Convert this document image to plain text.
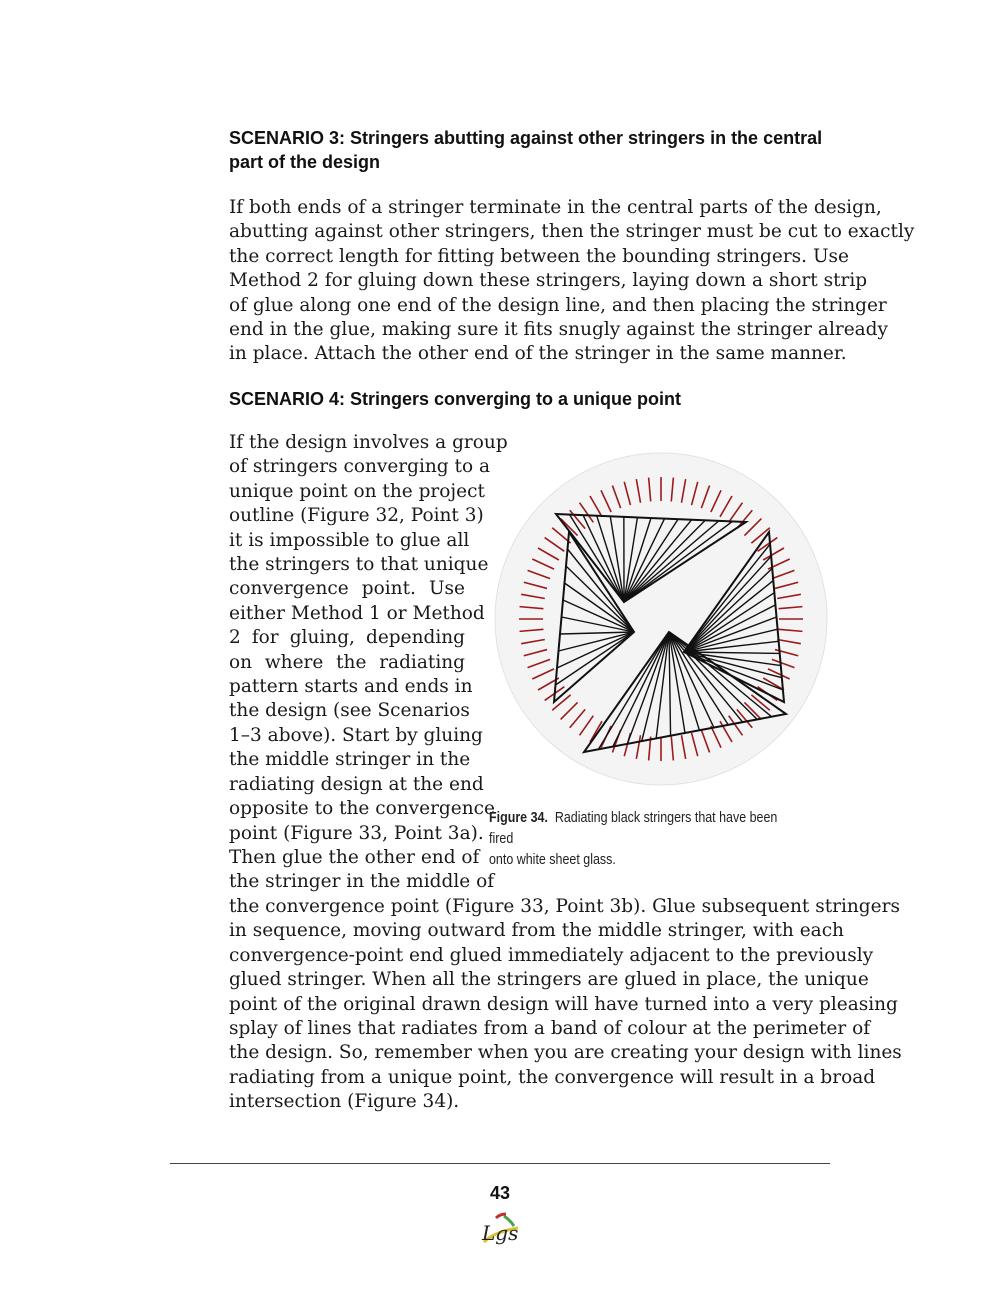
SCENARIO 3: Stringers abutting against other stringers in the central part of the design
If both ends of a stringer terminate in the central parts of the design,
abutting against other stringers, then the stringer must be cut to exactly
the correct length for fitting between the bounding stringers. Use
Method 2 for gluing down these stringers, laying down a short strip
of glue along one end of the design line, and then placing the stringer
end in the glue, making sure it fits snugly against the stringer already
in place. Attach the other end of the stringer in the same manner.
SCENARIO 4: Stringers converging to a unique point
If the design involves a group
of stringers converging to a
unique point on the project
outline (Figure 32, Point 3)
it is impossible to glue all
the stringers to that unique
convergence point. Use
either Method 1 or Method
2 for gluing, depending
on where the radiating
pattern starts and ends in
the design (see Scenarios
1–3 above). Start by gluing
the middle stringer in the
radiating design at the end
opposite to the convergence
point (Figure 33, Point 3a).
Then glue the other end of
the stringer in the middle of
the convergence point (Figure 33, Point 3b). Glue subsequent stringers
in sequence, moving outward from the middle stringer, with each
convergence-point end glued immediately adjacent to the previously
glued stringer. When all the stringers are glued in place, the unique
point of the original drawn design will have turned into a very pleasing
splay of lines that radiates from a band of colour at the perimeter of
the design. So, remember when you are creating your design with lines
radiating from a unique point, the convergence will result in a broad
intersection (Figure 34).

Figure 34. Radiating black stringers that have been fired
onto white sheet glass.

43
Lgs
